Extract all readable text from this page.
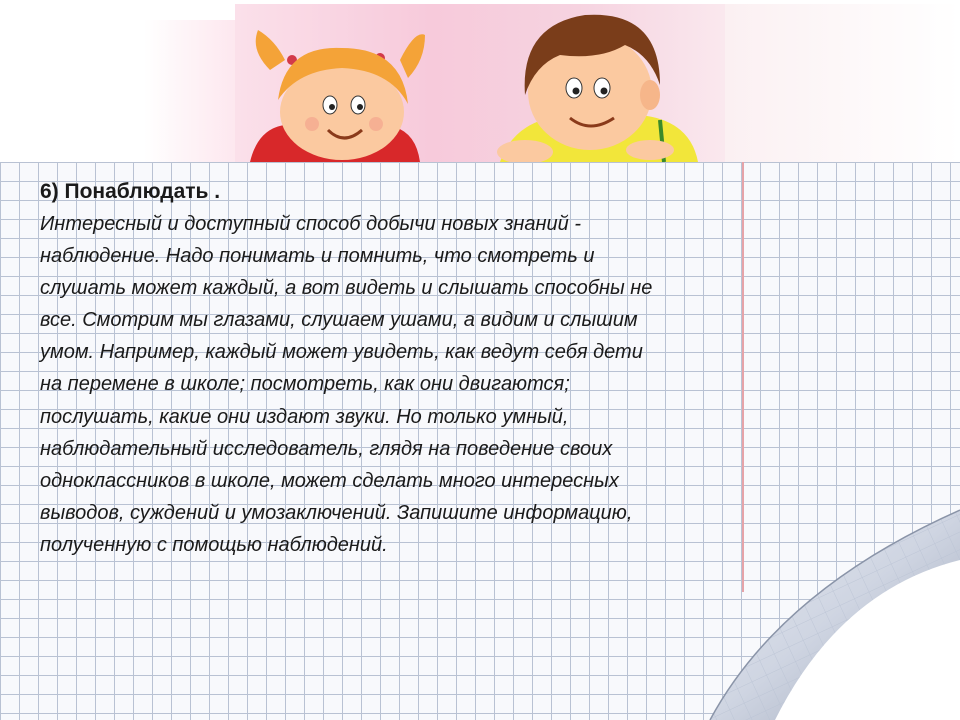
6) Понаблюдать .

Интересный и доступный способ добычи новых знаний -

наблюдение. Надо понимать и помнить, что смотреть и

слушать может каждый, а вот видеть и слышать способны не

все. Смотрим мы глазами, слушаем ушами, а видим и слышим

умом. Например, каждый может увидеть, как ведут себя дети

на перемене в школе; посмотреть, как они двигаются;

послушать, какие они издают звуки. Но только умный,

наблюдательный исследователь, глядя на поведение своих

одноклассников в школе, может сделать много интересных

выводов, суждений и умозаключений. Запишите информацию,

полученную с помощью наблюдений.
